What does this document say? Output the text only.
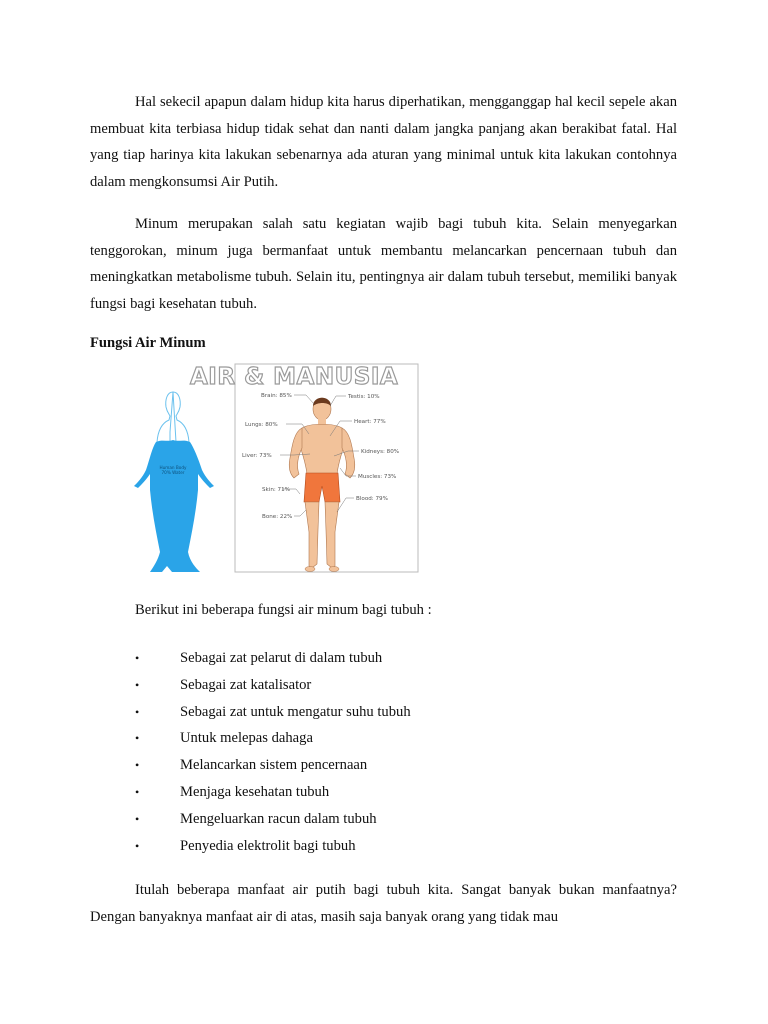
Hal sekecil apapun dalam hidup kita harus diperhatikan, mengganggap hal kecil sepele akan membuat kita terbiasa hidup tidak sehat dan nanti dalam jangka panjang akan berakibat fatal. Hal yang tiap harinya kita lakukan sebenarnya ada aturan yang minimal untuk kita lakukan contohnya dalam mengkonsumsi Air Putih.

Minum merupakan salah satu kegiatan wajib bagi tubuh kita. Selain menyegarkan tenggorokan, minum juga bermanfaat untuk membantu melancarkan pencernaan tubuh dan meningkatkan metabolisme tubuh. Selain itu, pentingnya air dalam tubuh tersebut, memiliki banyak fungsi bagi kesehatan tubuh.

Fungsi Air Minum
AIR & MANUSIA
Human Body
70% Water
Brain: 85%
Lungs: 80%
Liver: 73%
Skin: 71%
Bone: 22%
Testis: 10%
Heart: 77%
Kidneys: 80%
Muscles: 73%
Blood: 79%
Berikut ini beberapa fungsi air minum bagi tubuh :
•	Sebagai zat pelarut di dalam tubuh
•	Sebagai zat katalisator
•	Sebagai zat untuk mengatur suhu tubuh
•	Untuk melepas dahaga
•	Melancarkan sistem pencernaan
•	Menjaga kesehatan tubuh
•	Mengeluarkan racun dalam tubuh
•	Penyedia elektrolit bagi tubuh

Itulah beberapa manfaat air putih bagi tubuh kita. Sangat banyak bukan manfaatnya? Dengan banyaknya manfaat air di atas, masih saja banyak orang yang tidak mau
